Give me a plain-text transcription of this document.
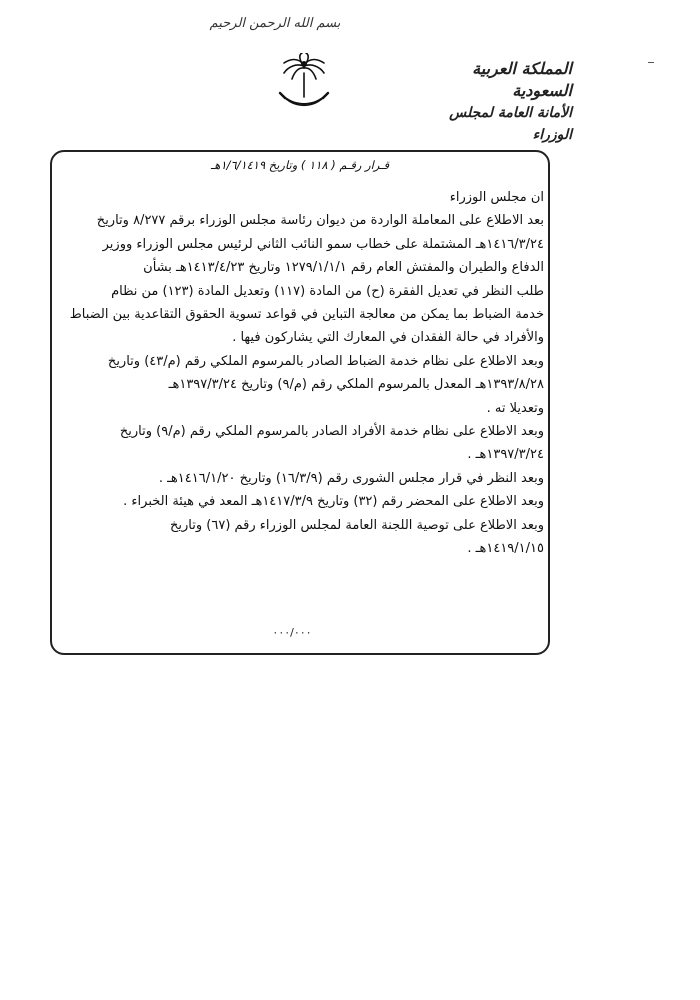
بسم الله الرحمن الرحيم
المملكة العربية السعودية
الأمانة العامة لمجلس الوزراء
قـرار رقـم ( ١١٨ ) وتاريخ ١/٦/١٤١٩هـ
ان مجلس الوزراء
بعد الاطلاع على المعاملة الواردة من ديوان رئاسة مجلس الوزراء برقم ٨/٢٧٧ وتاريخ
١٤١٦/٣/٢٤هـ المشتملة على خطاب سمو النائب الثاني لرئيس مجلس الوزراء ووزير
الدفاع والطيران والمفتش العام رقم ١٢٧٩/١/١/١ وتاريخ ١٤١٣/٤/٢٣هـ بشأن
طلب النظر في تعديل الفقرة (ح) من المادة (١١٧) وتعديل المادة (١٢٣) من نظام
خدمة الضباط بما يمكن من معالجة التباين في قواعد تسوية الحقوق التقاعدية بين الضباط
والأفراد في حالة الفقدان في المعارك التي يشاركون فيها .
وبعد الاطلاع على نظام خدمة الضباط الصادر بالمرسوم الملكي رقم (م/٤٣) وتاريخ
١٣٩٣/٨/٢٨هـ المعدل بالمرسوم الملكي رقم (م/٩) وتاريخ ١٣٩٧/٣/٢٤هـ
وتعديلا ته .
وبعد الاطلاع على نظام خدمة الأفراد الصادر بالمرسوم الملكي رقم (م/٩) وتاريخ
١٣٩٧/٣/٢٤هـ .
وبعد النظر في قرار مجلس الشورى رقم (١٦/٣/٩) وتاريخ ١٤١٦/١/٢٠هـ .
وبعد الاطلاع على المحضر رقم (٣٢) وتاريخ ١٤١٧/٣/٩هـ المعد في هيئة الخبراء .
وبعد الاطلاع على توصية اللجنة العامة لمجلس الوزراء رقم (٦٧) وتاريخ
١٤١٩/١/١٥هـ .
٠٠٠/٠٠٠
